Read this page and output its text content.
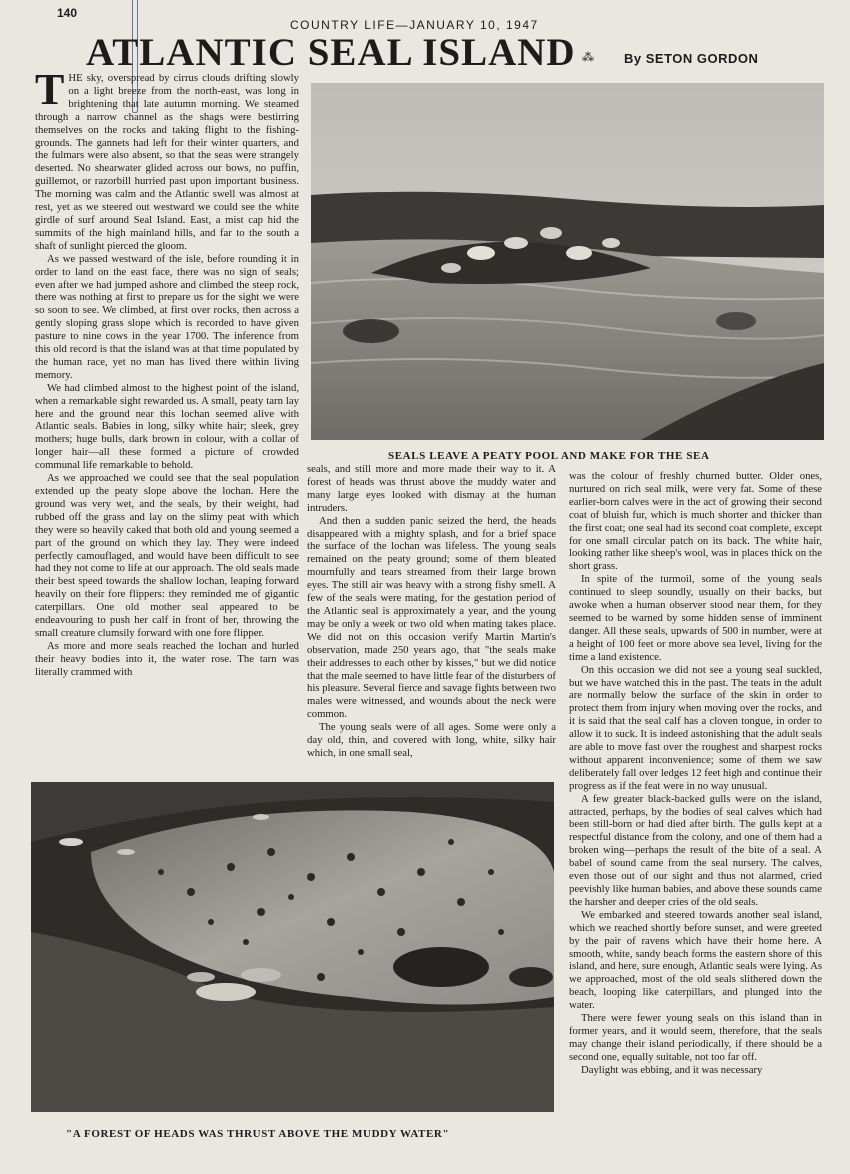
140
COUNTRY LIFE—JANUARY 10, 1947
ATLANTIC SEAL ISLAND ⁂ By SETON GORDON

THE sky, overspread by cirrus clouds drifting slowly on a light breeze from the north-east, was long in brightening that late autumn morning. We steamed through a narrow channel as the shags were bestirring themselves on the rocks and taking flight to the fishing-grounds. The gannets had left for their winter quarters, and the fulmars were also absent, so that the seas were strangely deserted. No shearwater glided across our bows, no puffin, guillemot, or razorbill hurried past upon important business. The morning was calm and the Atlantic swell was almost at rest, yet as we steered out westward we could see the white girdle of surf around Seal Island. East, a mist cap hid the summits of the high mainland hills, and far to the south a shaft of sunlight pierced the gloom.

As we passed westward of the isle, before rounding it in order to land on the east face, there was no sign of seals; even after we had jumped ashore and climbed the steep rock, there was nothing at first to prepare us for the sight we were so soon to see. We climbed, at first over rocks, then across a gently sloping grass slope which is recorded to have given pasture to nine cows in the year 1700. The inference from this old record is that the island was at that time populated by the human race, yet no man has lived there within living memory.

We had climbed almost to the highest point of the island, when a remarkable sight rewarded us. A small, peaty tarn lay here and the ground near this lochan seemed alive with Atlantic seals. Babies in long, silky white hair; sleek, grey mothers; huge bulls, dark brown in colour, with a collar of longer hair—all these formed a picture of crowded communal life remarkable to behold.

As we approached we could see that the seal population extended up the peaty slope above the lochan. Here the ground was very wet, and the seals, by their weight, had rubbed off the grass and lay on the slimy peat with which they were so heavily caked that both old and young seemed a part of the ground on which they lay. They were indeed perfectly camouflaged, and would have been difficult to see had they not come to life at our approach. The old seals made their best speed towards the shallow lochan, leaping forward heavily on their fore flippers: they reminded me of gigantic caterpillars. One old mother seal appeared to be endeavouring to push her calf in front of her, throwing the small creature clumsily forward with one fore flipper.

As more and more seals reached the lochan and hurled their heavy bodies into it, the water rose. The tarn was literally crammed with

SEALS LEAVE A PEATY POOL AND MAKE FOR THE SEA

seals, and still more and more made their way to it. A forest of heads was thrust above the muddy water and many large eyes looked with dismay at the human intruders.

And then a sudden panic seized the herd, the heads disappeared with a mighty splash, and for a brief space the surface of the lochan was lifeless. The young seals remained on the peaty ground; some of them bleated mournfully and tears streamed from their large brown eyes. The still air was heavy with a strong fishy smell. A few of the seals were mating, for the gestation period of the Atlantic seal is approximately a year, and the young may be only a week or two old when mating takes place. We did not on this occasion verify Martin Martin's observation, made 250 years ago, that "the seals make their addresses to each other by kisses," but we did notice that the male seemed to have little fear of the disturbers of his pleasure. Several fierce and savage fights between two males were witnessed, and wounds about the neck were common.

The young seals were of all ages. Some were only a day old, thin, and covered with long, white, silky hair which, in one small seal,

was the colour of freshly churned butter. Older ones, nurtured on rich seal milk, were very fat. Some of these earlier-born calves were in the act of growing their second coat of bluish fur, which is much shorter and thicker than the first coat; one seal had its second coat complete, except for one small circular patch on its back. The white hair, looking rather like sheep's wool, was in places thick on the short grass.

In spite of the turmoil, some of the young seals continued to sleep soundly, usually on their backs, but awoke when a human observer stood near them, for they seemed to be warned by some hidden sense of imminent danger. All these seals, upwards of 500 in number, were at a height of 100 feet or more above sea level, living for the time a land existence.

On this occasion we did not see a young seal suckled, but we have watched this in the past. The teats in the adult are normally below the surface of the skin in order to protect them from injury when moving over the rocks, and it is said that the seal calf has a cloven tongue, in order to allow it to suck. It is indeed astonishing that the adult seals are able to move fast over the roughest and sharpest rocks without apparent inconvenience; some of them we saw deliberately fall over ledges 12 feet high and continue their progress as if the feat were in no way unusual.

A few greater black-backed gulls were on the island, attracted, perhaps, by the bodies of seal calves which had been still-born or had died after birth. The gulls kept at a respectful distance from the colony, and one of them had a broken wing—perhaps the result of the bite of a seal. A babel of sound came from the seal nursery. The calves, even those out of our sight and thus not alarmed, cried peevishly like human babies, and above these sounds came the harsher and deeper cries of the old seals.

We embarked and steered towards another seal island, which we reached shortly before sunset, and were greeted by the pair of ravens which have their home here. A smooth, white, sandy beach forms the eastern shore of this island, and here, sure enough, Atlantic seals were lying. As we approached, most of the old seals slithered down the beach, looping like caterpillars, and plunged into the water.

There were fewer young seals on this island than in former years, and it would seem, therefore, that the seals may change their island periodically, if there should be a second one, equally suitable, not too far off.

Daylight was ebbing, and it was necessary

"A FOREST OF HEADS WAS THRUST ABOVE THE MUDDY WATER"
